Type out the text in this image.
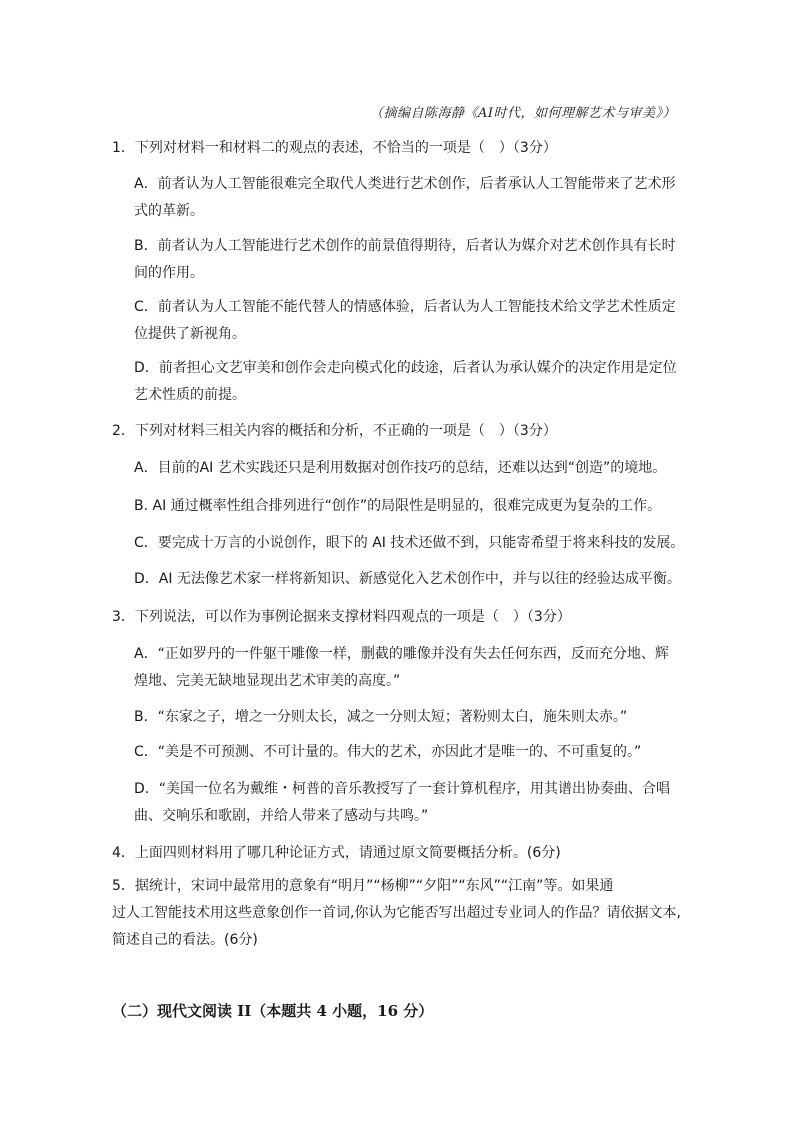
（摘编自陈海静《AI时代，如何理解艺术与审美》）
1．下列对材料一和材料二的观点的表述，不恰当的一项是（　）（3分）
A．前者认为人工智能很难完全取代人类进行艺术创作，后者承认人工智能带来了艺术形
式的革新。
B．前者认为人工智能进行艺术创作的前景值得期待，后者认为媒介对艺术创作具有长时
间的作用。
C．前者认为人工智能不能代替人的情感体验，后者认为人工智能技术给文学艺术性质定
位提供了新视角。
D．前者担心文艺审美和创作会走向模式化的歧途，后者认为承认媒介的决定作用是定位
艺术性质的前提。
2．下列对材料三相关内容的概括和分析，不正确的一项是（　）（3分）
A．目前的AI 艺术实践还只是利用数据对创作技巧的总结，还难以达到“创造”的境地。
B. AI 通过概率性组合排列进行“创作”的局限性是明显的，很难完成更为复杂的工作。
C．要完成十万言的小说创作，眼下的 AI 技术还做不到，只能寄希望于将来科技的发展。
D．AI 无法像艺术家一样将新知识、新感觉化入艺术创作中，并与以往的经验达成平衡。
3．下列说法，可以作为事例论据来支撑材料四观点的一项是（　）（3分）
A．“正如罗丹的一件躯干雕像一样，删截的雕像并没有失去任何东西，反而充分地、辉
煌地、完美无缺地显现出艺术审美的高度。”
B．“东家之子，增之一分则太长，减之一分则太短；著粉则太白，施朱则太赤。”
C．“美是不可预测、不可计量的。伟大的艺术，亦因此才是唯一的、不可重复的。”
D．“美国一位名为戴维・柯普的音乐教授写了一套计算机程序，用其谱出协奏曲、合唱
曲、交响乐和歌剧，并给人带来了感动与共鸣。”
4．上面四则材料用了哪几种论证方式，请通过原文简要概括分析。(6分)
5．据统计，宋词中最常用的意象有“明月”“杨柳”“夕阳”“东风”“江南”等。如果通
过人工智能技术用这些意象创作一首词,你认为它能否写出超过专业词人的作品？请依据文本,
简述自己的看法。(6分)
（二）现代文阅读 II（本题共 4 小题，16 分）
